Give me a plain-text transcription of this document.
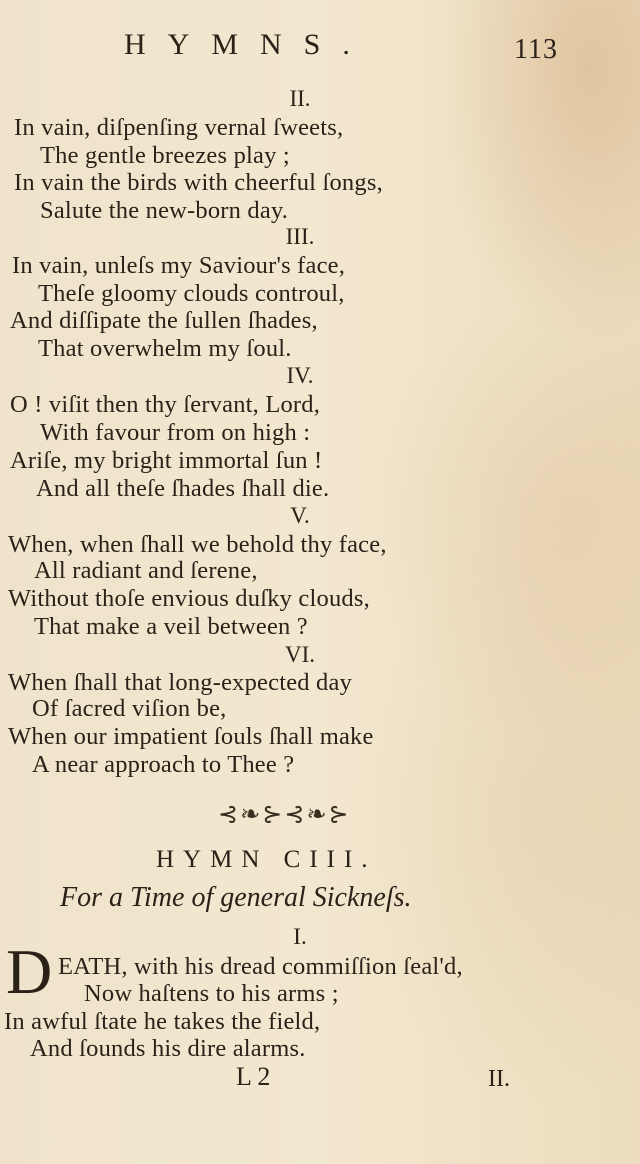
HYMNS.	113
II.
In vain, diſpenſing vernal ſweets,
The gentle breezes play ;
In vain the birds with cheerful ſongs,
Salute the new-born day.
III.
In vain, unleſs my Saviour's face,
Theſe gloomy clouds controul,
And diſſipate the ſullen ſhades,
That overwhelm my ſoul.
IV.
O ! viſit then thy ſervant, Lord,
With favour from on high :
Ariſe, my bright immortal ſun !
And all theſe ſhades ſhall die.
V.
When, when ſhall we behold thy face,
All radiant and ſerene,
Without thoſe envious duſky clouds,
That make a veil between ?
VI.
When ſhall that long-expected day
Of ſacred viſion be,
When our impatient ſouls ſhall make
A near approach to Thee ?
⊰❧⊱⊰❧⊱
HYMN CIII.
For a Time of general Sickneſs.
I.
D EATH, with his dread commiſſion ſeal'd,
Now haſtens to his arms ;
In awful ſtate he takes the field,
And ſounds his dire alarms.
L 2	II.
